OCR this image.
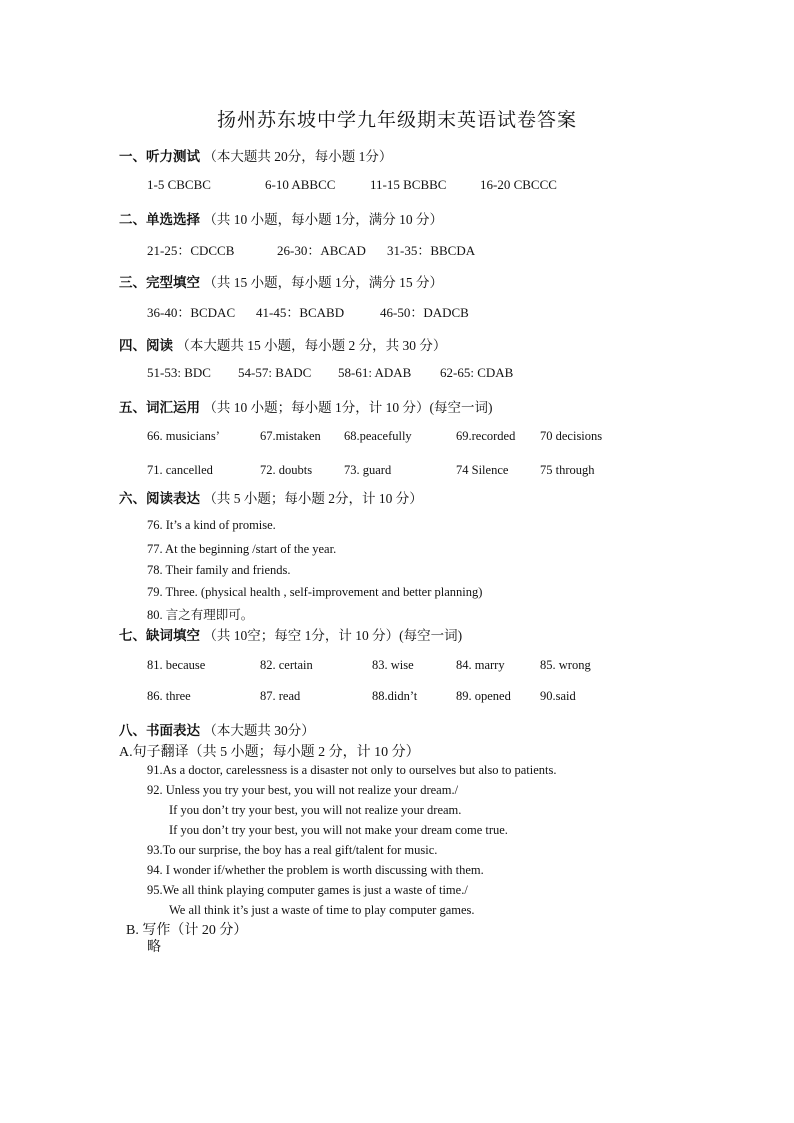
扬州苏东坡中学九年级期末英语试卷答案
一、听力测试 （本大题共 20分，每小题 1分）
1-5 CBCBC	6-10 ABBCC	11-15 BCBBC	16-20 CBCCC
二、单选选择 （共 10 小题，每小题 1分，满分 10 分）
21-25：CDCCB	26-30：ABCAD 31-35：BBCDA
三、完型填空 （共 15 小题，每小题 1分，满分 15 分）
36-40：BCDAC 41-45：BCABD	46-50：DADCB
四、阅读 （本大题共 15 小题，每小题 2 分，共 30 分）
51-53: BDC 54-57: BADC 58-61: ADAB 62-65: CDAB
五、词汇运用 （共 10 小题；每小题 1分，计 10 分）(每空一词)
66. musicians’	67.mistaken 68.peacefully	69.recorded 70 decisions
71. cancelled	72. doubts	73. guard	74 Silence	75 through
六、阅读表达 （共 5 小题；每小题 2分，计 10 分）
76. It’s a kind of promise.
77. At the beginning /start of the year.
78. Their family and friends.
79. Three. (physical health , self-improvement and better planning)
80. 言之有理即可。
七、缺词填空 （共 10空；每空 1分，计 10 分）(每空一词)
81. because	82. certain	83. wise	84. marry	85. wrong
86. three	87. read	88.didn’t	89. opened 90.said
八、书面表达 （本大题共 30分）
A.句子翻译（共 5 小题；每小题 2 分，计 10 分）
91.As a doctor, carelessness is a disaster not only to ourselves but also to patients.
92. Unless you try your best, you will not realize your dream./
If you don’t try your best, you will not realize your dream.
If you don’t try your best, you will not make your dream come true.
93.To our surprise, the boy has a real gift/talent for music.
94. I wonder if/whether the problem is worth discussing with them.
95.We all think playing computer games is just a waste of time./
We all think it’s just a waste of time to play computer games.
B. 写作（计 20 分）
略
